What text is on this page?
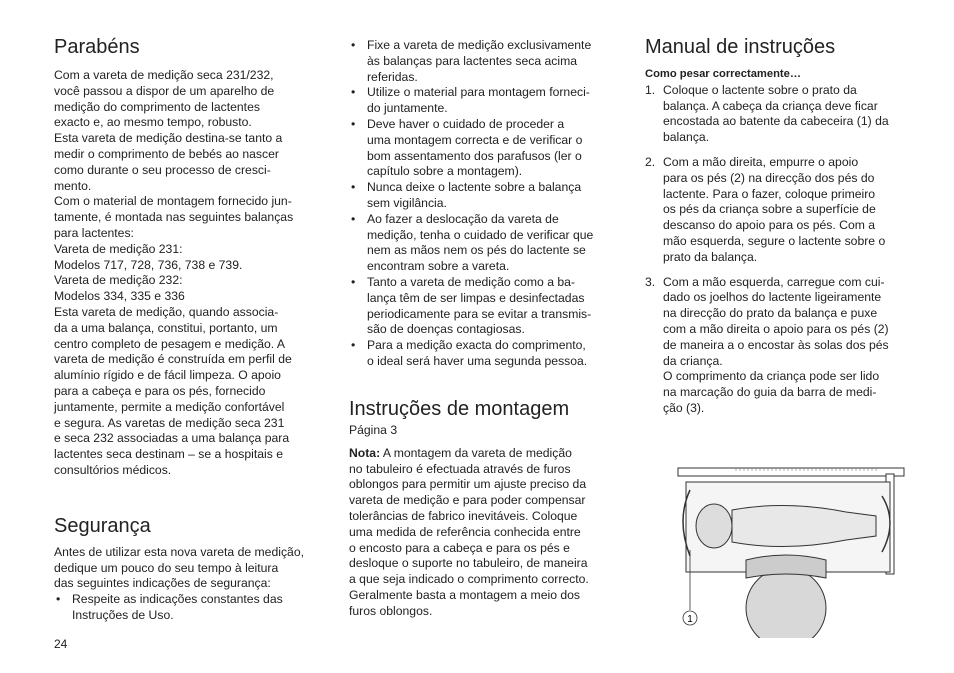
Parabéns

Com a vareta de medição seca 231/232,

você passou a dispor de um aparelho de

medição do comprimento de lactentes

exacto e, ao mesmo tempo, robusto.

Esta vareta de medição destina-se tanto a

medir o comprimento de bebés ao nascer

como durante o seu processo de cresci-

mento.

Com o material de montagem fornecido jun-

tamente, é montada nas seguintes balanças

para lactentes:

Vareta de medição 231:

Modelos 717, 728, 736, 738 e 739.

Vareta de medição 232:

Modelos 334, 335 e 336

Esta vareta de medição, quando associa-

da a uma balança, constitui, portanto, um

centro completo de pesagem e medição. A

vareta de medição é construída em perfil de

alumínio rígido e de fácil limpeza. O apoio

para a cabeça e para os pés, fornecido

juntamente, permite a medição confortável

e segura. As varetas de medição seca 231

e seca 232 associadas a uma balança para

lactentes seca destinam – se a hospitais e

consultórios médicos.

Segurança

Antes de utilizar esta nova vareta de medição,

dedique um pouco do seu tempo à leitura

das seguintes indicações de segurança:

• Respeite as indicações constantes das
Instruções de Uso.
• Fixe a vareta de medição exclusivamente
às balanças para lactentes seca acima
referidas.
• Utilize o material para montagem forneci-
do juntamente.
• Deve haver o cuidado de proceder a
uma montagem correcta e de verificar o
bom assentamento dos parafusos (ler o
capítulo sobre a montagem).
• Nunca deixe o lactente sobre a balança
sem vigilância.
• Ao fazer a deslocação da vareta de
medição, tenha o cuidado de verificar que
nem as mãos nem os pés do lactente se
encontram sobre a vareta.
• Tanto a vareta de medição como a ba-
lança têm de ser limpas e desinfectadas
periodicamente para se evitar a transmis-
são de doenças contagiosas.
• Para a medição exacta do comprimento,
o ideal será haver uma segunda pessoa.
Instruções de montagem

Página 3

Nota: A montagem da vareta de medição

no tabuleiro é efectuada através de furos

oblongos para permitir um ajuste preciso da

vareta de medição e para poder compensar

tolerâncias de fabrico inevitáveis. Coloque

uma medida de referência conhecida entre

o encosto para a cabeça e para os pés e

desloque o suporte no tabuleiro, de maneira

a que seja indicado o comprimento correcto.

Geralmente basta a montagem a meio dos

furos oblongos.

Manual de instruções

Como pesar correctamente…

1. Coloque o lactente sobre o prato da
balança. A cabeça da criança deve ficar
encostada ao batente da cabeceira (1) da
balança.
2. Com a mão direita, empurre o apoio
para os pés (2) na direcção dos pés do
lactente. Para o fazer, coloque primeiro
os pés da criança sobre a superfície de
descanso do apoio para os pés. Com a
mão esquerda, segure o lactente sobre o
prato da balança.
3. Com a mão esquerda, carregue com cui-
dado os joelhos do lactente ligeiramente
na direcção do prato da balança e puxe
com a mão direita o apoio para os pés (2)
de maneira a o encostar às solas dos pés
da criança.
O comprimento da criança pode ser lido
na marcação do guia da barra de medi-
ção (3).
1
24
